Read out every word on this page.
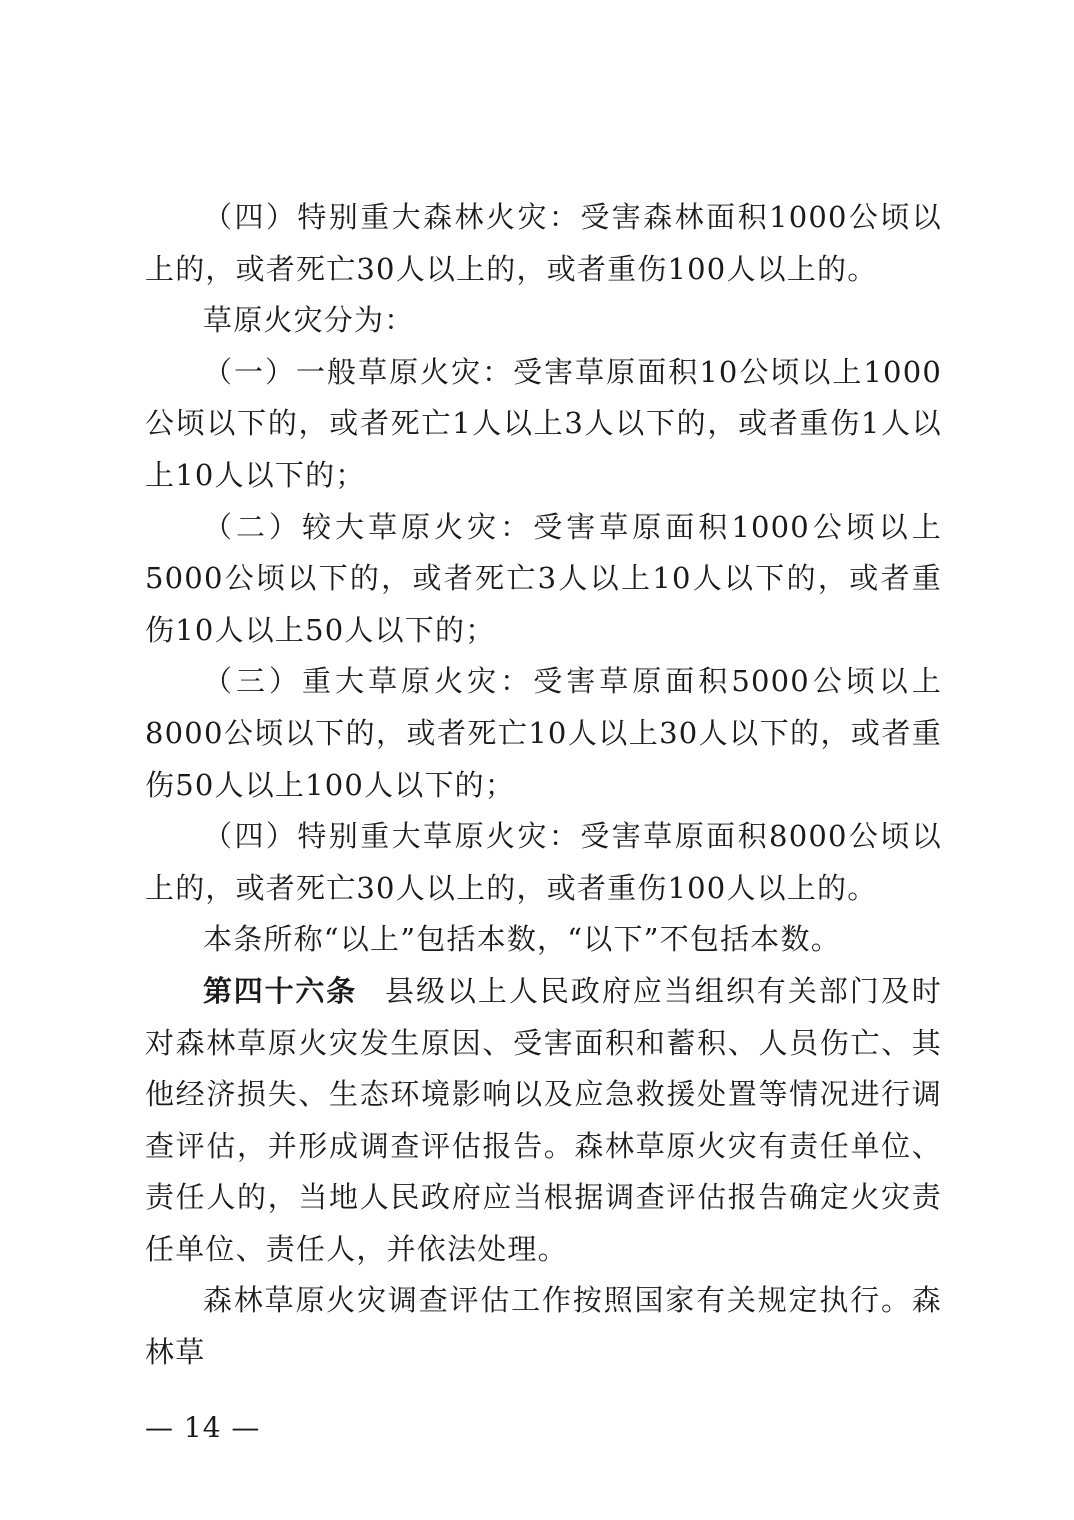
（四）特别重大森林火灾：受害森林面积1000公顷以上的，或者死亡30人以上的，或者重伤100人以上的。

草原火灾分为：

（一）一般草原火灾：受害草原面积10公顷以上1000公顷以下的，或者死亡1人以上3人以下的，或者重伤1人以上10人以下的；

（二）较大草原火灾：受害草原面积1000公顷以上5000公顷以下的，或者死亡3人以上10人以下的，或者重伤10人以上50人以下的；

（三）重大草原火灾：受害草原面积5000公顷以上8000公顷以下的，或者死亡10人以上30人以下的，或者重伤50人以上100人以下的；

（四）特别重大草原火灾：受害草原面积8000公顷以上的，或者死亡30人以上的，或者重伤100人以上的。

本条所称“以上”包括本数，“以下”不包括本数。

第四十六条 县级以上人民政府应当组织有关部门及时对森林草原火灾发生原因、受害面积和蓄积、人员伤亡、其他经济损失、生态环境影响以及应急救援处置等情况进行调查评估，并形成调查评估报告。森林草原火灾有责任单位、责任人的，当地人民政府应当根据调查评估报告确定火灾责任单位、责任人，并依法处理。

森林草原火灾调查评估工作按照国家有关规定执行。森林草

— 14 —
